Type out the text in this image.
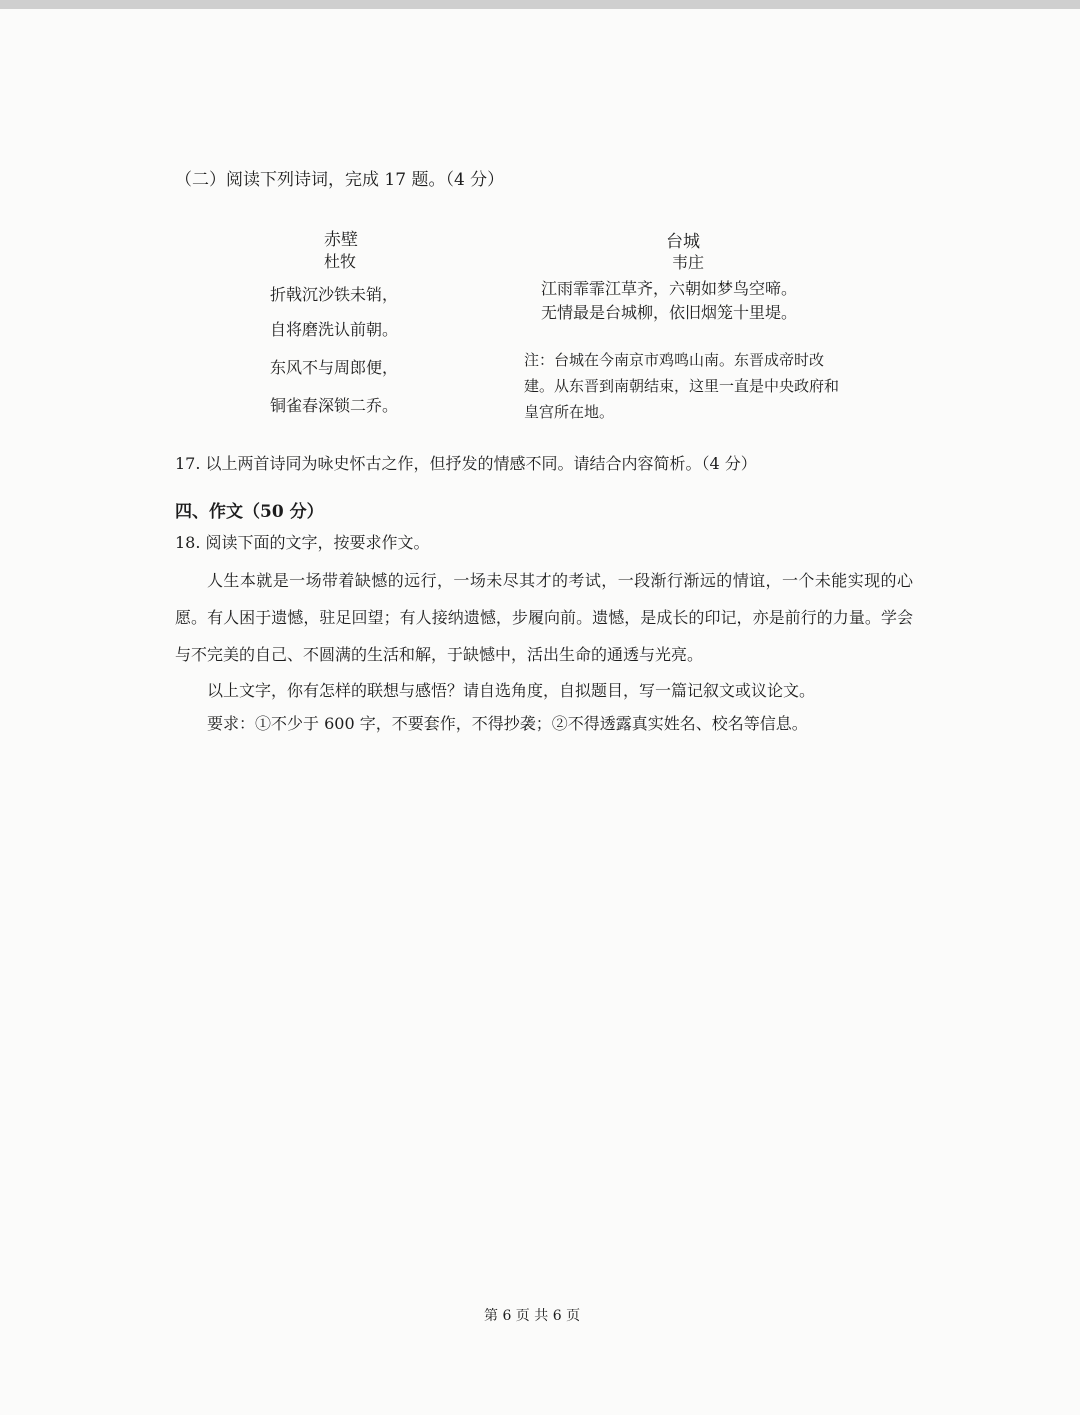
（二）阅读下列诗词，完成 17 题。（4 分）
赤壁
杜牧
折戟沉沙铁未销，
自将磨洗认前朝。
东风不与周郎便，
铜雀春深锁二乔。
台城
韦庄
江雨霏霏江草齐，六朝如梦鸟空啼。
无情最是台城柳，依旧烟笼十里堤。
注：台城在今南京市鸡鸣山南。东晋成帝时改建。从东晋到南朝结束，这里一直是中央政府和皇宫所在地。
17. 以上两首诗同为咏史怀古之作，但抒发的情感不同。请结合内容简析。（4 分）
四、作文（50 分）
18. 阅读下面的文字，按要求作文。
人生本就是一场带着缺憾的远行，一场未尽其才的考试，一段渐行渐远的情谊，一个未能实现的心愿。有人困于遗憾，驻足回望；有人接纳遗憾，步履向前。遗憾，是成长的印记，亦是前行的力量。学会与不完美的自己、不圆满的生活和解，于缺憾中，活出生命的通透与光亮。
以上文字，你有怎样的联想与感悟？请自选角度，自拟题目，写一篇记叙文或议论文。
要求：①不少于 600 字，不要套作，不得抄袭；②不得透露真实姓名、校名等信息。
第 6 页 共 6 页
